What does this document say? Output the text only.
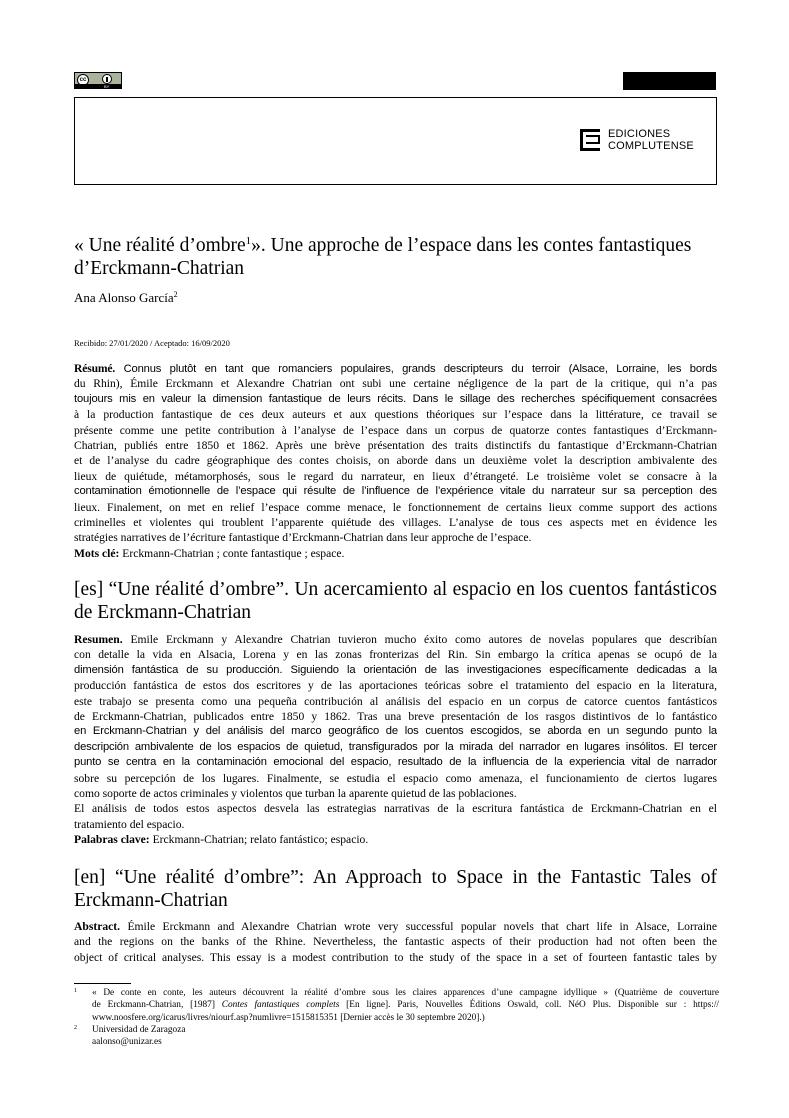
cc
BY
EDICIONES
COMPLUTENSE
« Une réalité d’ombre$^1$». Une approche de l’espace dans les contes fantastiques
d’Erckmann-Chatrian
Ana Alonso García$^2$
Recibido: 27/01/2020 / Aceptado: 16/09/2020
Résumé. Connus plutôt en tant que romanciers populaires, grands descripteurs du terroir (Alsace, Lorraine, les bords
du Rhin), Émile Erckmann et Alexandre Chatrian ont subi une certaine négligence de la part de la critique, qui n’a pas
toujours mis en valeur la dimension fantastique de leurs récits. Dans le sillage des recherches spécifiquement consacrées
à la production fantastique de ces deux auteurs et aux questions théoriques sur l’espace dans la littérature, ce travail se
présente comme une petite contribution à l’analyse de l’espace dans un corpus de quatorze contes fantastiques d’Erckmann-
Chatrian, publiés entre 1850 et 1862. Après une brève présentation des traits distinctifs du fantastique d’Erckmann-Chatrian
et de l’analyse du cadre géographique des contes choisis, on aborde dans un deuxième volet la description ambivalente des
lieux de quiétude, métamorphosés, sous le regard du narrateur, en lieux d’étrangeté. Le troisième volet se consacre à la
contamination émotionnelle de l’espace qui résulte de l’influence de l’expérience vitale du narrateur sur sa perception des
lieux. Finalement, on met en relief l’espace comme menace, le fonctionnement de certains lieux comme support des actions
criminelles et violentes qui troublent l’apparente quiétude des villages. L’analyse de tous ces aspects met en évidence les
stratégies narratives de l’écriture fantastique d’Erckmann-Chatrian dans leur approche de l’espace.
Mots clé: Erckmann-Chatrian ; conte fantastique ; espace.
[es] “Une réalité d’ombre”. Un acercamiento al espacio en los cuentos fantásticos
de Erckmann-Chatrian
Resumen. Emile Erckmann y Alexandre Chatrian tuvieron mucho éxito como autores de novelas populares que describían
con detalle la vida en Alsacia, Lorena y en las zonas fronterizas del Rin. Sin embargo la crítica apenas se ocupó de la
dimensión fantástica de su producción. Siguiendo la orientación de las investigaciones específicamente dedicadas a la
producción fantástica de estos dos escritores y de las aportaciones teóricas sobre el tratamiento del espacio en la literatura,
este trabajo se presenta como una pequeña contribución al análisis del espacio en un corpus de catorce cuentos fantásticos
de Erckmann-Chatrian, publicados entre 1850 y 1862. Tras una breve presentación de los rasgos distintivos de lo fantástico
en Erckmann-Chatrian y del análisis del marco geográfico de los cuentos escogidos, se aborda en un segundo punto la
descripción ambivalente de los espacios de quietud, transfigurados por la mirada del narrador en lugares insólitos. El tercer
punto se centra en la contaminación emocional del espacio, resultado de la influencia de la experiencia vital de narrador
sobre su percepción de los lugares. Finalmente, se estudia el espacio como amenaza, el funcionamiento de ciertos lugares
como soporte de actos criminales y violentos que turban la aparente quietud de las poblaciones.
El análisis de todos estos aspectos desvela las estrategias narrativas de la escritura fantástica de Erckmann-Chatrian en el
tratamiento del espacio.
Palabras clave: Erckmann-Chatrian; relato fantástico; espacio.
[en] “Une réalité d’ombre”: An Approach to Space in the Fantastic Tales of
Erckmann-Chatrian
Abstract. Émile Erckmann and Alexandre Chatrian wrote very successful popular novels that chart life in Alsace, Lorraine
and the regions on the banks of the Rhine. Nevertheless, the fantastic aspects of their production had not often been the
object of critical analyses. This essay is a modest contribution to the study of the space in a set of fourteen fantastic tales by
1 « De conte en conte, les auteurs découvrent la réalité d’ombre sous les claires apparences d’une campagne idyllique » (Quatrième de couverture
de Erckmann-Chatrian, [1987] Contes fantastiques complets [En ligne]. Paris, Nouvelles Éditions Oswald, coll. NéO Plus. Disponible sur : https://
www.noosfere.org/icarus/livres/niourf.asp?numlivre=1515815351 [Dernier accès le 30 septembre 2020].)
2 Universidad de Zaragoza
aalonso@unizar.es
